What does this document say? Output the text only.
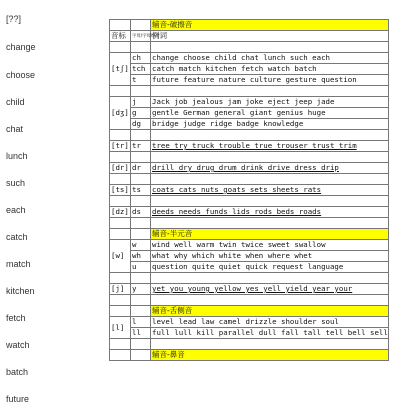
[??]
change
choose
child
chat
lunch
such
each
catch
match
kitchen
fetch
watch
batch
future
		辅音-破擦音
音标	字母/字母组合	例词

[tʃ]	ch	change choose child chat lunch such each
	tch	catch match kitchen fetch watch batch
	t	future feature nature culture gesture question

[dʒ]	j	Jack job jealous jam joke eject jeep jade
	g	gentle German general giant genius huge
	dg	bridge judge ridge badge knowledge

[tr]	tr	tree try truck trouble true trouser trust trim

[dr]	dr	drill dry drug drum drink drive dress drip

[ts]	ts	coats cats nuts goats sets sheets rats

[dz]	ds	deeds needs funds lids rods beds roads

		辅音-半元音
[w]	w	wind well warm twin twice sweet swallow
	wh	what why which white when where whet
	u	question quite quiet quick request language

[j]	y	yet you young yellow yes yell yield year your

		辅音-舌侧音
[l]	l	level lead law camel drizzle shoulder soul
	ll	full lull kill parallel dull fall tall tell bell sell

		辅音-鼻音
